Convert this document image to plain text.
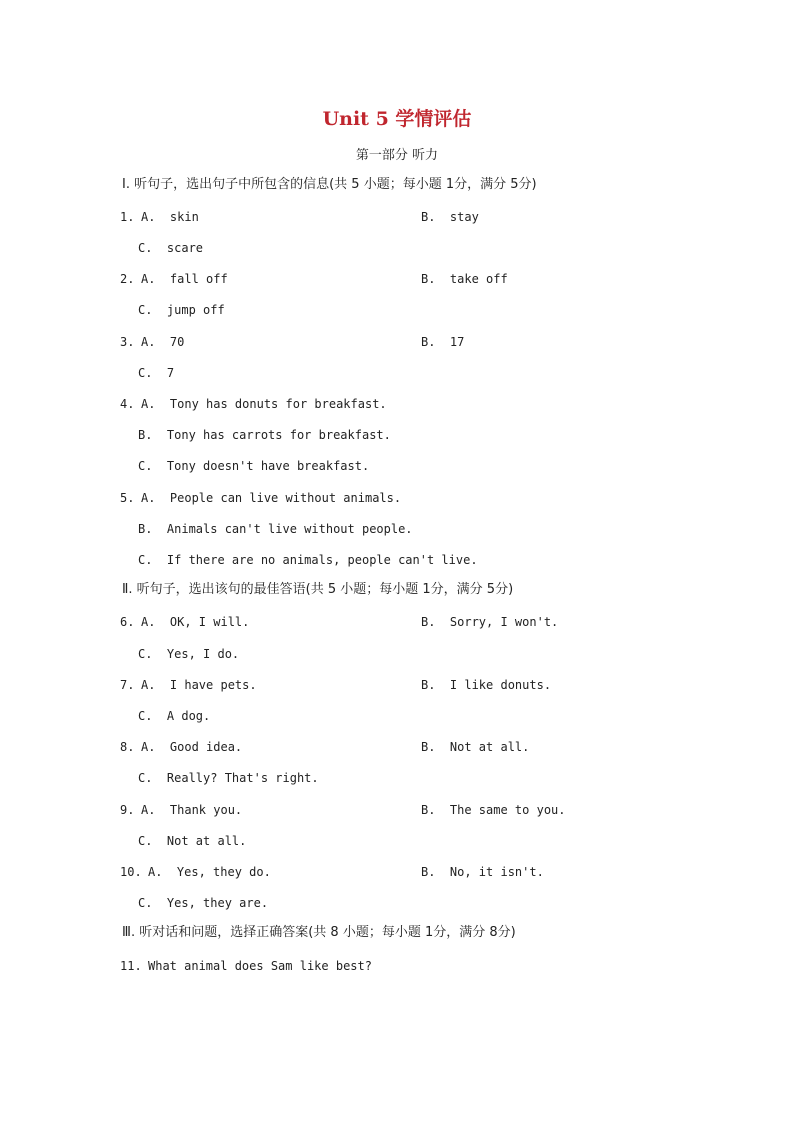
Unit 5 学情评估
第一部分 听力
Ⅰ. 听句子，选出句子中所包含的信息(共 5 小题；每小题 1分，满分 5分)
1. A.  skin	B.  stay
C.  scare
2. A.  fall off	B.  take off
C.  jump off
3. A.  70	B.  17
C.  7
4. A.  Tony has donuts for breakfast.
B.  Tony has carrots for breakfast.
C.  Tony doesn't have breakfast.
5. A.  People can live without animals.
B.  Animals can't live without people.
C.  If there are no animals, people can't live.
Ⅱ. 听句子，选出该句的最佳答语(共 5 小题；每小题 1分，满分 5分)
6. A.  OK, I will.	B.  Sorry, I won't.
C.  Yes, I do.
7. A.  I have pets.	B.  I like donuts.
C.  A dog.
8. A.  Good idea.	B.  Not at all.
C.  Really? That's right.
9. A.  Thank you.	B.  The same to you.
C.  Not at all.
10. A.  Yes, they do.	B.  No, it isn't.
C.  Yes, they are.
Ⅲ. 听对话和问题，选择正确答案(共 8 小题；每小题 1分，满分 8分)
11. What animal does Sam like best?
